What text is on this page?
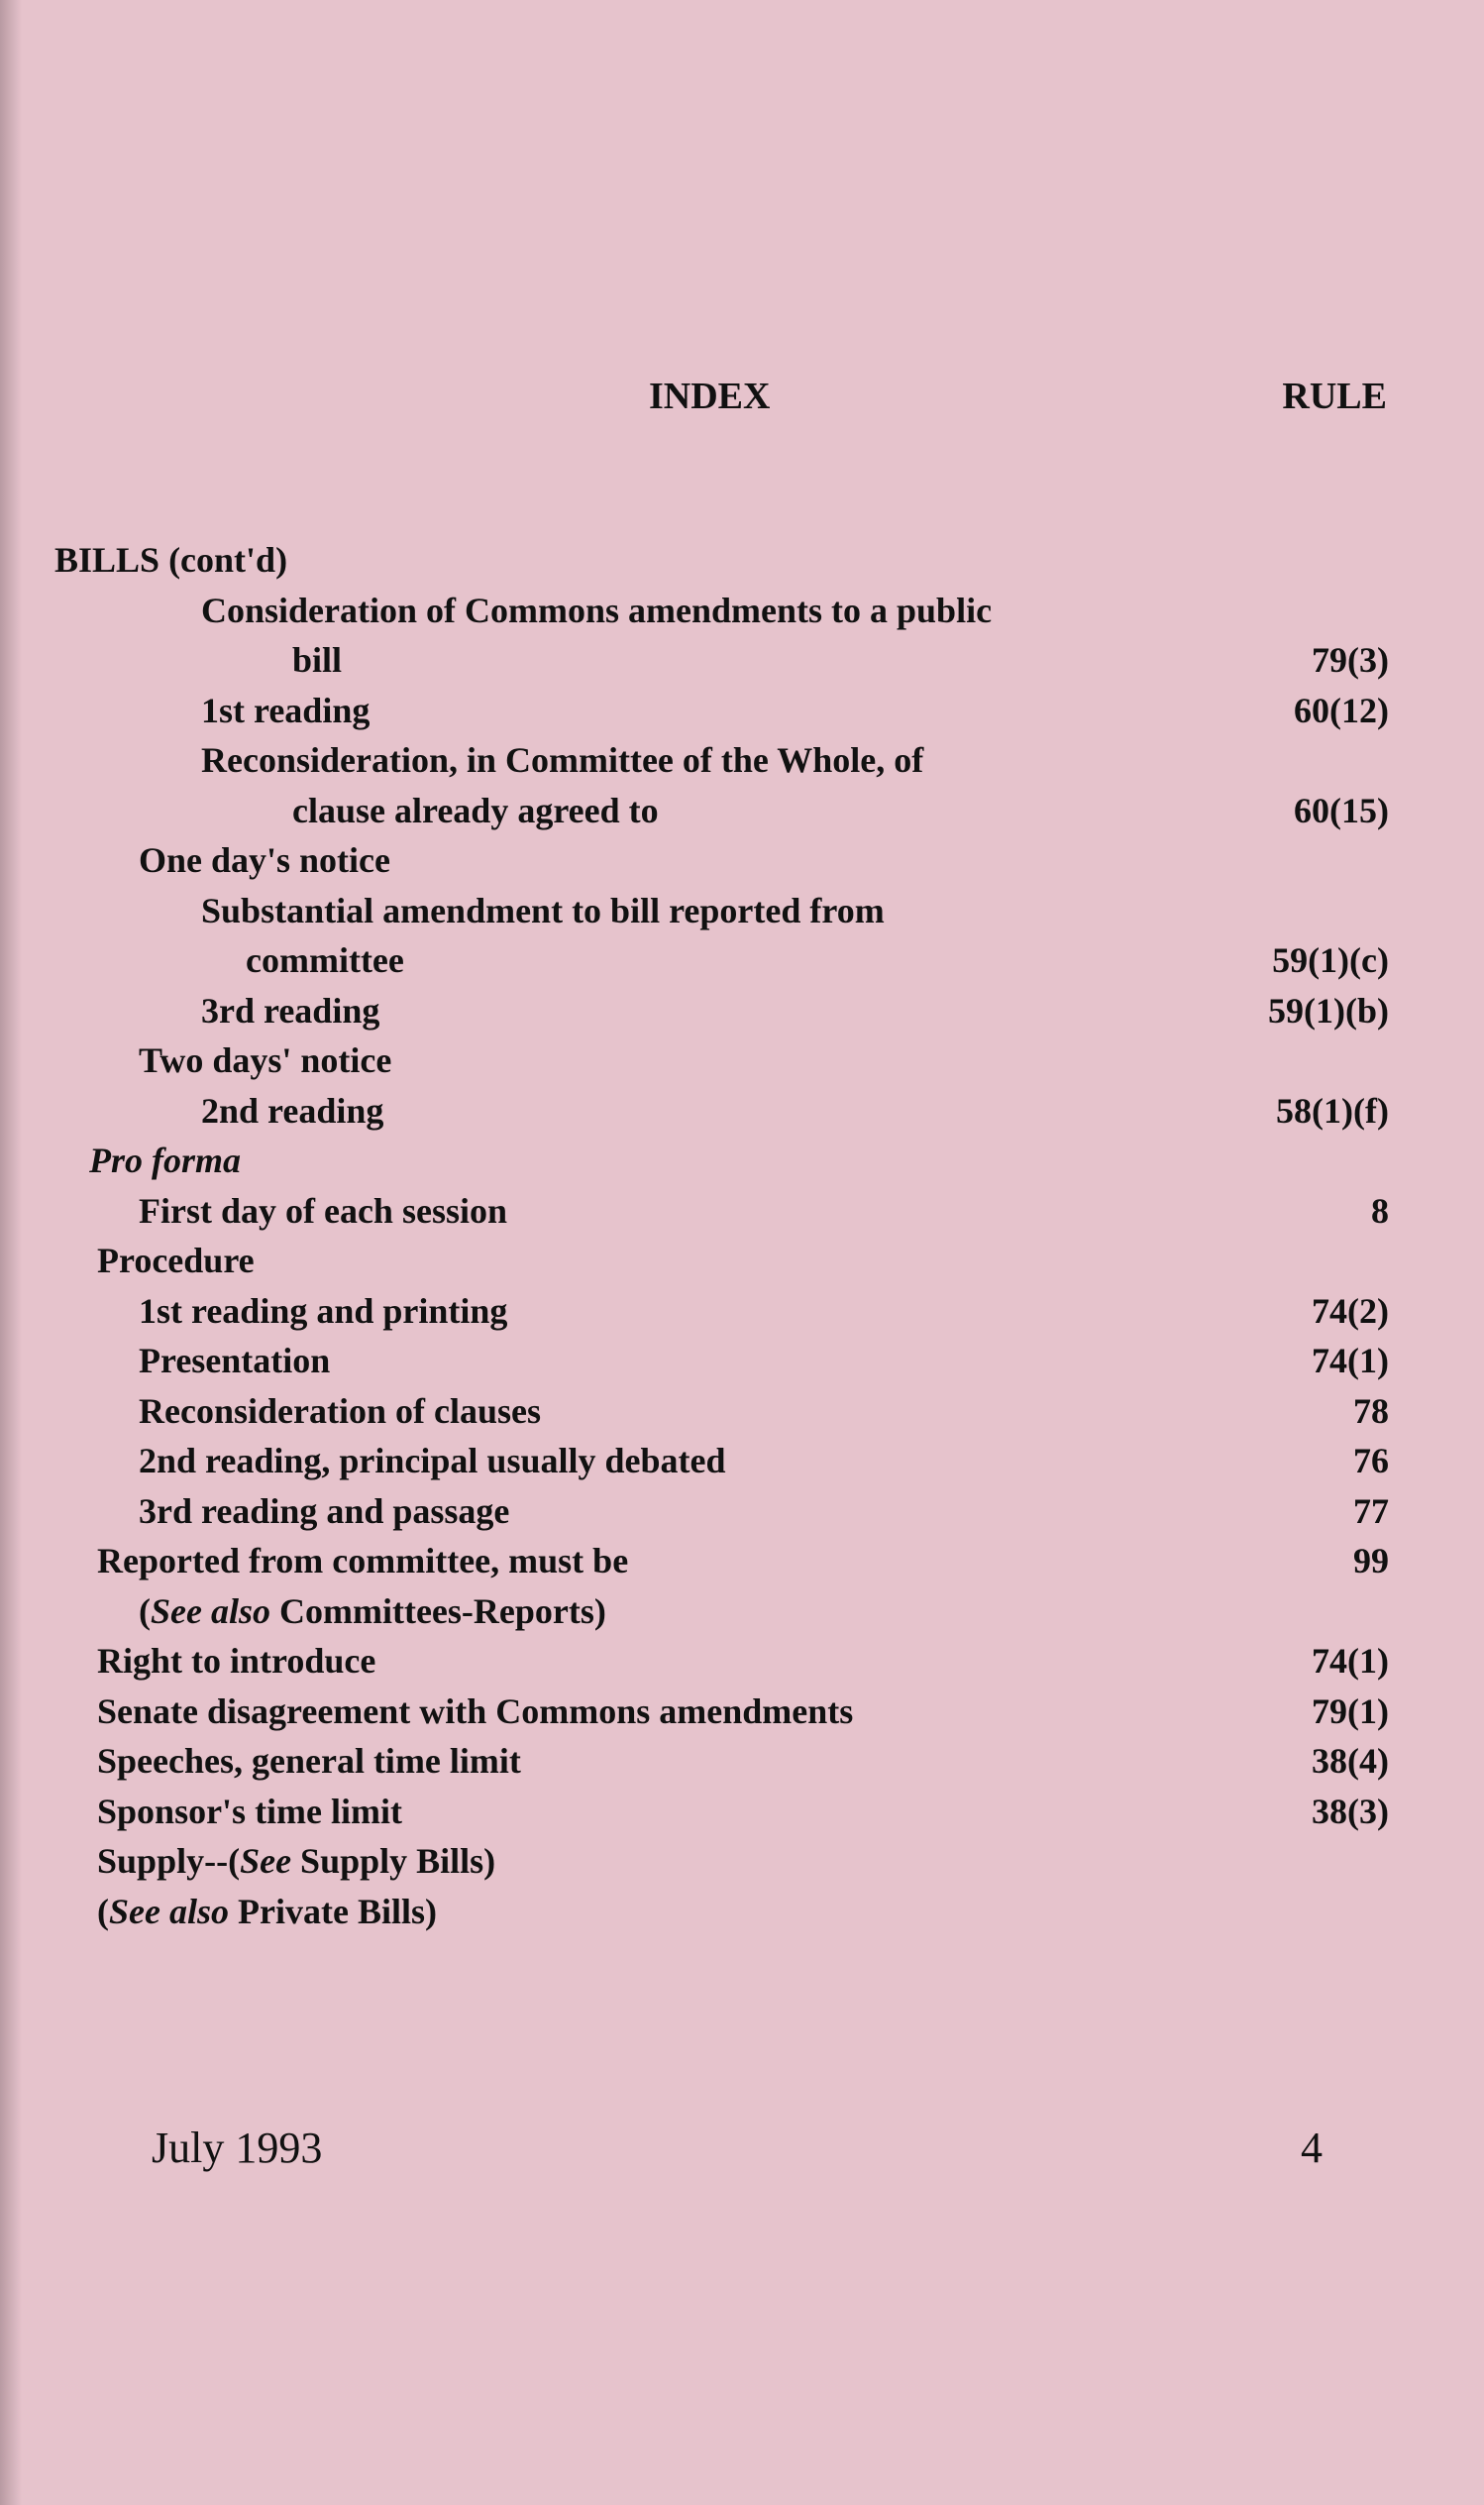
INDEX	RULE
BILLS (cont'd)
Consideration of Commons amendments to a public
bill	79(3)
1st reading	60(12)
Reconsideration, in Committee of the Whole, of
clause already agreed to	60(15)
One day's notice
Substantial amendment to bill reported from
committee	59(1)(c)
3rd reading	59(1)(b)
Two days' notice
2nd reading	58(1)(f)
Pro forma
First day of each session	8
Procedure
1st reading and printing	74(2)
Presentation	74(1)
Reconsideration of clauses	78
2nd reading, principal usually debated	76
3rd reading and passage	77
Reported from committee, must be	99
(See also Committees-Reports)
Right to introduce	74(1)
Senate disagreement with Commons amendments	79(1)
Speeches, general time limit	38(4)
Sponsor's time limit	38(3)
Supply--(See Supply Bills)
(See also Private Bills)
July 1993	4
